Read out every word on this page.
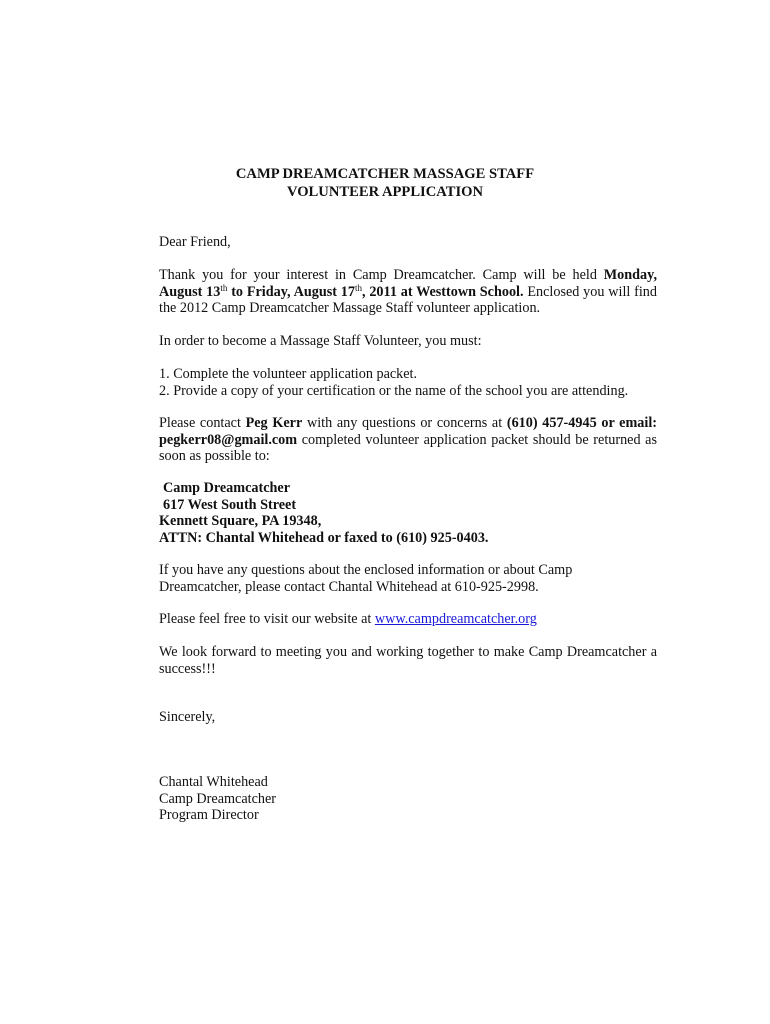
CAMP DREAMCATCHER MASSAGE STAFF
VOLUNTEER APPLICATION
Dear Friend,
Thank you for your interest in Camp Dreamcatcher. Camp will be held Monday, August 13th to Friday, August 17th, 2011 at Westtown School. Enclosed you will find the 2012 Camp Dreamcatcher Massage Staff volunteer application.
In order to become a Massage Staff Volunteer, you must:
1. Complete the volunteer application packet.
2. Provide a copy of your certification or the name of the school you are attending.
Please contact Peg Kerr with any questions or concerns at (610) 457-4945 or email: pegkerr08@gmail.com completed volunteer application packet should be returned as soon as possible to:
Camp Dreamcatcher
617 West South Street
Kennett Square, PA 19348,
ATTN: Chantal Whitehead or faxed to (610) 925-0403.
If you have any questions about the enclosed information or about Camp Dreamcatcher, please contact Chantal Whitehead at 610-925-2998.
Please feel free to visit our website at www.campdreamcatcher.org
We look forward to meeting you and working together to make Camp Dreamcatcher a success!!!
Sincerely,
Chantal Whitehead
Camp Dreamcatcher
Program Director
